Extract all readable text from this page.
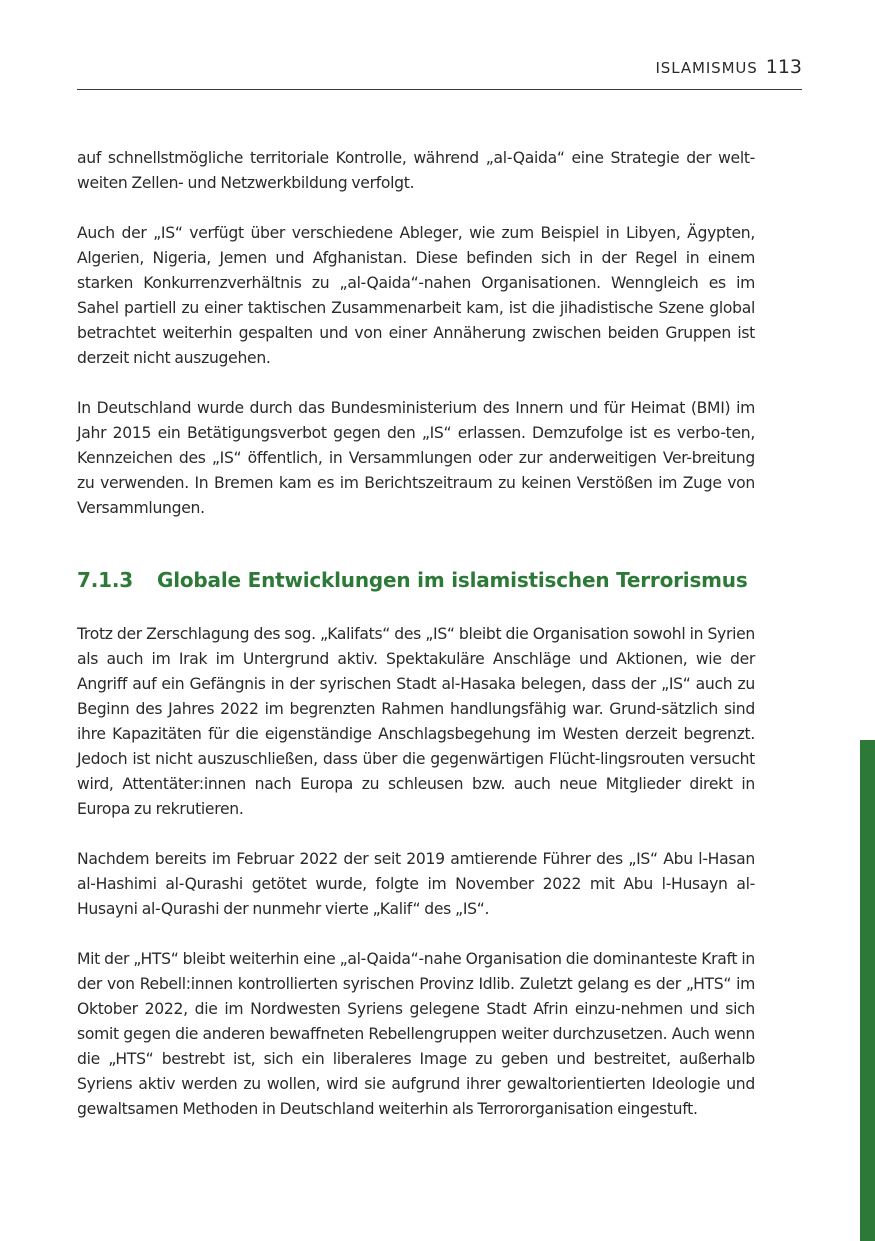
ISLAMISMUS 113

auf schnellstmögliche territoriale Kontrolle, während „al-Qaida“ eine Strategie der welt-weiten Zellen- und Netzwerkbildung verfolgt.

Auch der „IS“ verfügt über verschiedene Ableger, wie zum Beispiel in Libyen, Ägypten, Algerien, Nigeria, Jemen und Afghanistan. Diese befinden sich in der Regel in einem starken Konkurrenzverhältnis zu „al-Qaida“-nahen Organisationen. Wenngleich es im Sahel partiell zu einer taktischen Zusammenarbeit kam, ist die jihadistische Szene global betrachtet weiterhin gespalten und von einer Annäherung zwischen beiden Gruppen ist derzeit nicht auszugehen.

In Deutschland wurde durch das Bundesministerium des Innern und für Heimat (BMI) im Jahr 2015 ein Betätigungsverbot gegen den „IS“ erlassen. Demzufolge ist es verbo-ten, Kennzeichen des „IS“ öffentlich, in Versammlungen oder zur anderweitigen Ver-breitung zu verwenden. In Bremen kam es im Berichtszeitraum zu keinen Verstößen im Zuge von Versammlungen.

7.1.3 Globale Entwicklungen im islamistischen Terrorismus

Trotz der Zerschlagung des sog. „Kalifats“ des „IS“ bleibt die Organisation sowohl in Syrien als auch im Irak im Untergrund aktiv. Spektakuläre Anschläge und Aktionen, wie der Angriff auf ein Gefängnis in der syrischen Stadt al-Hasaka belegen, dass der „IS“ auch zu Beginn des Jahres 2022 im begrenzten Rahmen handlungsfähig war. Grund-sätzlich sind ihre Kapazitäten für die eigenständige Anschlagsbegehung im Westen derzeit begrenzt. Jedoch ist nicht auszuschließen, dass über die gegenwärtigen Flücht-lingsrouten versucht wird, Attentäter:innen nach Europa zu schleusen bzw. auch neue Mitglieder direkt in Europa zu rekrutieren.

Nachdem bereits im Februar 2022 der seit 2019 amtierende Führer des „IS“ Abu l-Hasan al-Hashimi al-Qurashi getötet wurde, folgte im November 2022 mit Abu l-Husayn al-Husayni al-Qurashi der nunmehr vierte „Kalif“ des „IS“.

Mit der „HTS“ bleibt weiterhin eine „al-Qaida“-nahe Organisation die dominanteste Kraft in der von Rebell:innen kontrollierten syrischen Provinz Idlib. Zuletzt gelang es der „HTS“ im Oktober 2022, die im Nordwesten Syriens gelegene Stadt Afrin einzu-nehmen und sich somit gegen die anderen bewaffneten Rebellengruppen weiter durchzusetzen. Auch wenn die „HTS“ bestrebt ist, sich ein liberaleres Image zu geben und bestreitet, außerhalb Syriens aktiv werden zu wollen, wird sie aufgrund ihrer gewaltorientierten Ideologie und gewaltsamen Methoden in Deutschland weiterhin als Terrororganisation eingestuft.
